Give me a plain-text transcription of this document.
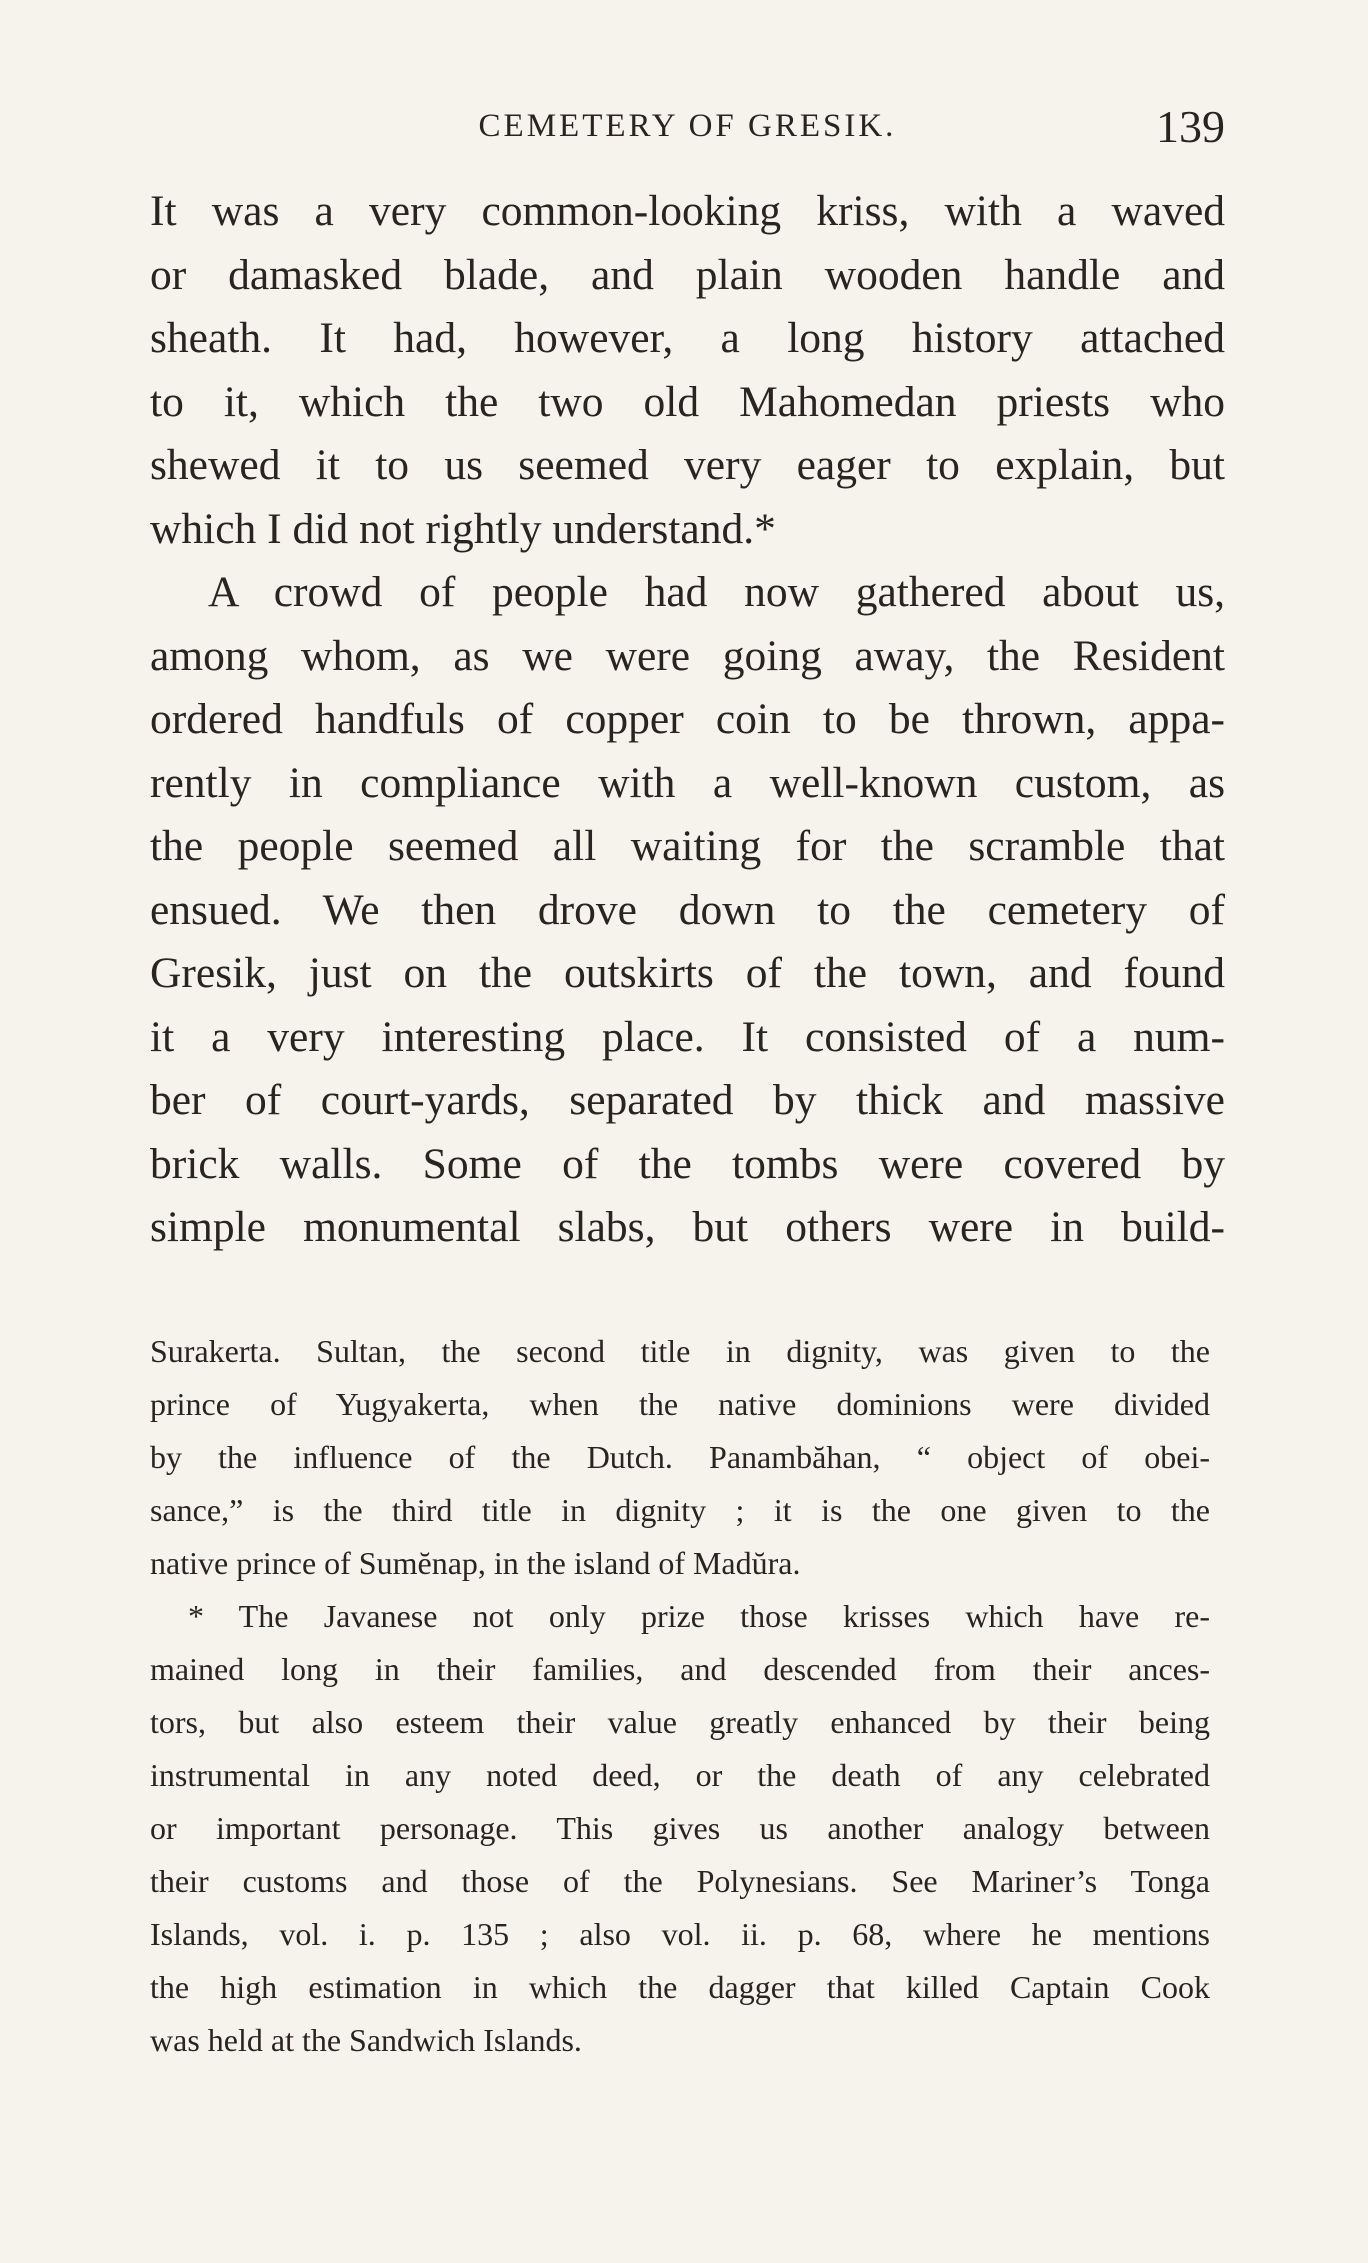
CEMETERY OF GRESIK.	139
It was a very common-looking kriss, with a waved
or damasked blade, and plain wooden handle and
sheath. It had, however, a long history attached
to it, which the two old Mahomedan priests who
shewed it to us seemed very eager to explain, but
which I did not rightly understand.*
A crowd of people had now gathered about us,
among whom, as we were going away, the Resident
ordered handfuls of copper coin to be thrown, appa-
rently in compliance with a well-known custom, as
the people seemed all waiting for the scramble that
ensued. We then drove down to the cemetery of
Gresik, just on the outskirts of the town, and found
it a very interesting place. It consisted of a num-
ber of court-yards, separated by thick and massive
brick walls. Some of the tombs were covered by
simple monumental slabs, but others were in build-
Surakerta. Sultan, the second title in dignity, was given to the
prince of Yugyakerta, when the native dominions were divided
by the influence of the Dutch. Panambăhan, “ object of obei-
sance,” is the third title in dignity ; it is the one given to the
native prince of Sumĕnap, in the island of Madŭra.
* The Javanese not only prize those krisses which have re-
mained long in their families, and descended from their ances-
tors, but also esteem their value greatly enhanced by their being
instrumental in any noted deed, or the death of any celebrated
or important personage. This gives us another analogy between
their customs and those of the Polynesians. See Mariner’s Tonga
Islands, vol. i. p. 135 ; also vol. ii. p. 68, where he mentions
the high estimation in which the dagger that killed Captain Cook
was held at the Sandwich Islands.
